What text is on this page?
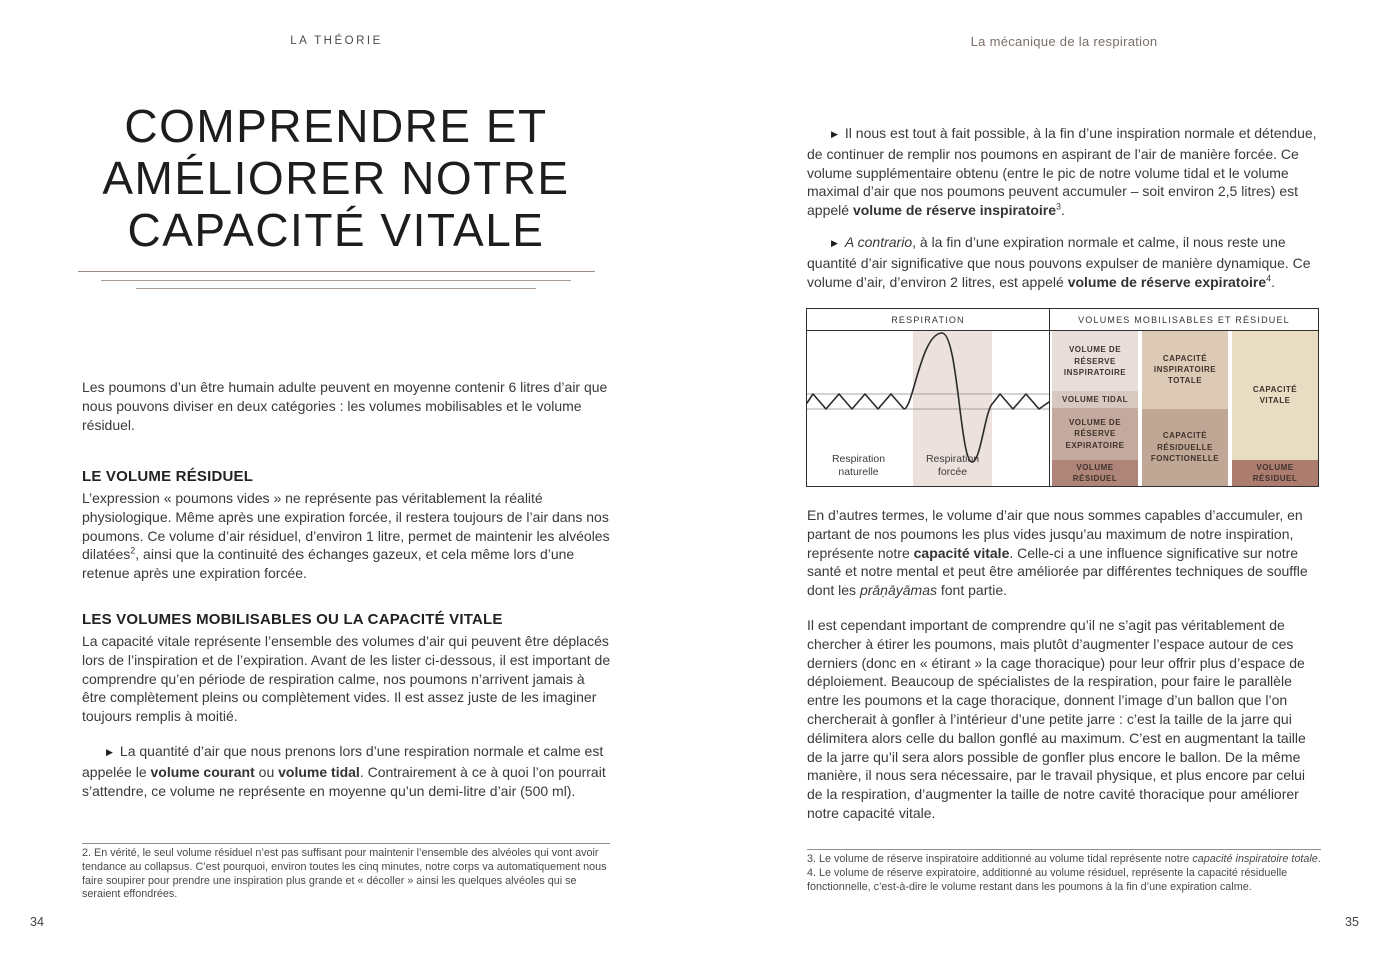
LA THÉORIE
COMPRENDRE ET
AMÉLIORER NOTRE
CAPACITÉ VITALE

Les poumons d’un être humain adulte peuvent en moyenne contenir 6 litres d’air que nous pouvons diviser en deux catégories : les volumes mobilisables et le volume résiduel.

LE VOLUME RÉSIDUEL

L’expression « poumons vides » ne représente pas véritablement la réalité physiologique. Même après une expiration forcée, il restera toujours de l’air dans nos poumons. Ce volume d’air résiduel, d’environ 1 litre, permet de maintenir les alvéoles dilatées$^2$, ainsi que la continuité des échanges gazeux, et cela même lors d’une retenue après une expiration forcée.

LES VOLUMES MOBILISABLES OU LA CAPACITÉ VITALE

La capacité vitale représente l’ensemble des volumes d’air qui peuvent être déplacés lors de l’inspiration et de l’expiration. Avant de les lister ci-dessous, il est important de comprendre qu’en période de respiration calme, nos poumons n’arrivent jamais à être complètement pleins ou complètement vides. Il est assez juste de les imaginer toujours remplis à moitié.

▶ La quantité d’air que nous prenons lors d’une respiration normale et calme est appelée le volume courant ou volume tidal. Contrairement à ce à quoi l’on pourrait s’attendre, ce volume ne représente en moyenne qu’un demi-litre d’air (500 ml).

2. En vérité, le seul volume résiduel n’est pas suffisant pour maintenir l’ensemble des alvéoles qui vont avoir tendance au collapsus. C’est pourquoi, environ toutes les cinq minutes, notre corps va automatiquement nous faire soupirer pour prendre une inspiration plus grande et « décoller » ainsi les quelques alvéoles qui se seraient effondrées.

34
La mécanique de la respiration

▶ Il nous est tout à fait possible, à la fin d’une inspiration normale et détendue, de continuer de remplir nos poumons en aspirant de l’air de manière forcée. Ce volume supplémentaire obtenu (entre le pic de notre volume tidal et le volume maximal d’air que nos poumons peuvent accumuler – soit environ 2,5 litres) est appelé volume de réserve inspiratoire$^3$.

▶ A contrario, à la fin d’une expiration normale et calme, il nous reste une quantité d’air significative que nous pouvons expulser de manière dynamique. Ce volume d’air, d’environ 2 litres, est appelé volume de réserve expiratoire$^4$.

RESPIRATION	VOLUMES MOBILISABLES ET RÉSIDUEL
Respiration naturelle
Respiration forcée
VOLUME DE RÉSERVE INSPIRATOIRE
VOLUME TIDAL
VOLUME DE RÉSERVE EXPIRATOIRE
VOLUME RÉSIDUEL
CAPACITÉ INSPIRATOIRE TOTALE
CAPACITÉ RÉSIDUELLE FONCTIONELLE
CAPACITÉ VITALE
VOLUME RÉSIDUEL

En d’autres termes, le volume d’air que nous sommes capables d’accumuler, en partant de nos poumons les plus vides jusqu’au maximum de notre inspiration, représente notre capacité vitale. Celle-ci a une influence significative sur notre santé et notre mental et peut être améliorée par différentes techniques de souffle dont les prāṇāyāmas font partie.

Il est cependant important de comprendre qu’il ne s’agit pas véritablement de chercher à étirer les poumons, mais plutôt d’augmenter l’espace autour de ces derniers (donc en « étirant » la cage thoracique) pour leur offrir plus d’espace de déploiement. Beaucoup de spécialistes de la respiration, pour faire le parallèle entre les poumons et la cage thoracique, donnent l’image d’un ballon que l’on chercherait à gonfler à l’intérieur d’une petite jarre : c’est la taille de la jarre qui délimitera alors celle du ballon gonflé au maximum. C’est en augmentant la taille de la jarre qu’il sera alors possible de gonfler plus encore le ballon. De la même manière, il nous sera nécessaire, par le travail physique, et plus encore par celui de la respiration, d’augmenter la taille de notre cavité thoracique pour améliorer notre capacité vitale.

3. Le volume de réserve inspiratoire additionné au volume tidal représente notre capacité inspiratoire totale.

4. Le volume de réserve expiratoire, additionné au volume résiduel, représente la capacité résiduelle fonctionnelle, c’est-à-dire le volume restant dans les poumons à la fin d’une expiration calme.

35
